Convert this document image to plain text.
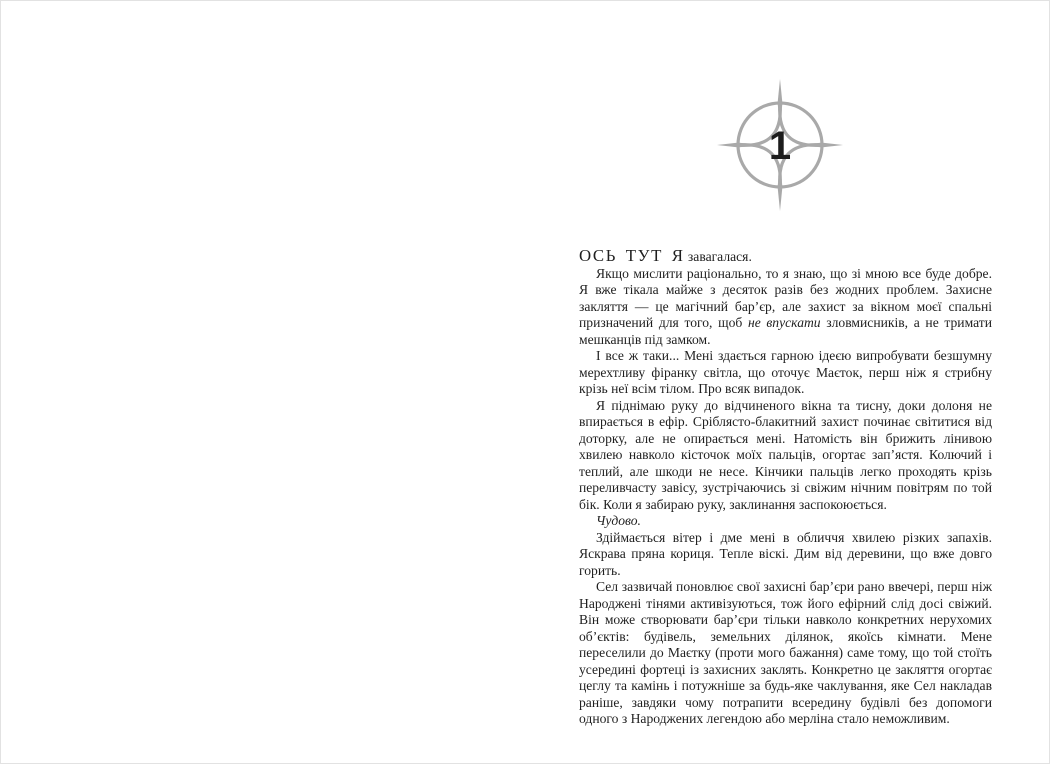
1

ОСЬ ТУТ Я завагалася.

Якщо мислити раціонально, то я знаю, що зі мною все буде добре. Я вже тікала майже з десяток разів без жодних проблем. Захисне закляття — це магічний бар’єр, але захист за вікном моєї спальні призначений для того, щоб не впускати зловмисників, а не тримати мешканців під замком.

І все ж таки... Мені здається гарною ідеєю випробувати безшумну мерехтливу фіранку світла, що оточує Маєток, перш ніж я стрибну крізь неї всім тілом. Про всяк випадок.

Я піднімаю руку до відчиненого вікна та тисну, доки долоня не впирається в ефір. Сріблясто-блакитний захист починає світитися від доторку, але не опирається мені. Натомість він брижить лінивою хвилею навколо кісточок моїх пальців, огортає зап’ястя. Колючий і теплий, але шкоди не несе. Кінчики пальців легко проходять крізь переливчасту завісу, зустрічаючись зі свіжим нічним повітрям по той бік. Коли я забираю руку, заклинання заспокоюється.

Чудово.

Здіймається вітер і дме мені в обличчя хвилею різких запахів. Яскрава пряна кориця. Тепле віскі. Дим від деревини, що вже довго горить.

Сел зазвичай поновлює свої захисні бар’єри рано ввечері, перш ніж Народжені тінями активізуються, тож його ефірний слід досі свіжий. Він може створювати бар’єри тільки навколо конкретних нерухомих об’єктів: будівель, земельних ділянок, якоїсь кімнати. Мене переселили до Маєтку (проти мого бажання) саме тому, що той стоїть усередині фортеці із захисних заклять. Конкретно це закляття огортає цеглу та камінь і потужніше за будь-яке чаклування, яке Сел накладав раніше, завдяки чому потрапити всередину будівлі без допомоги одного з Народжених легендою або мерліна стало неможливим.
